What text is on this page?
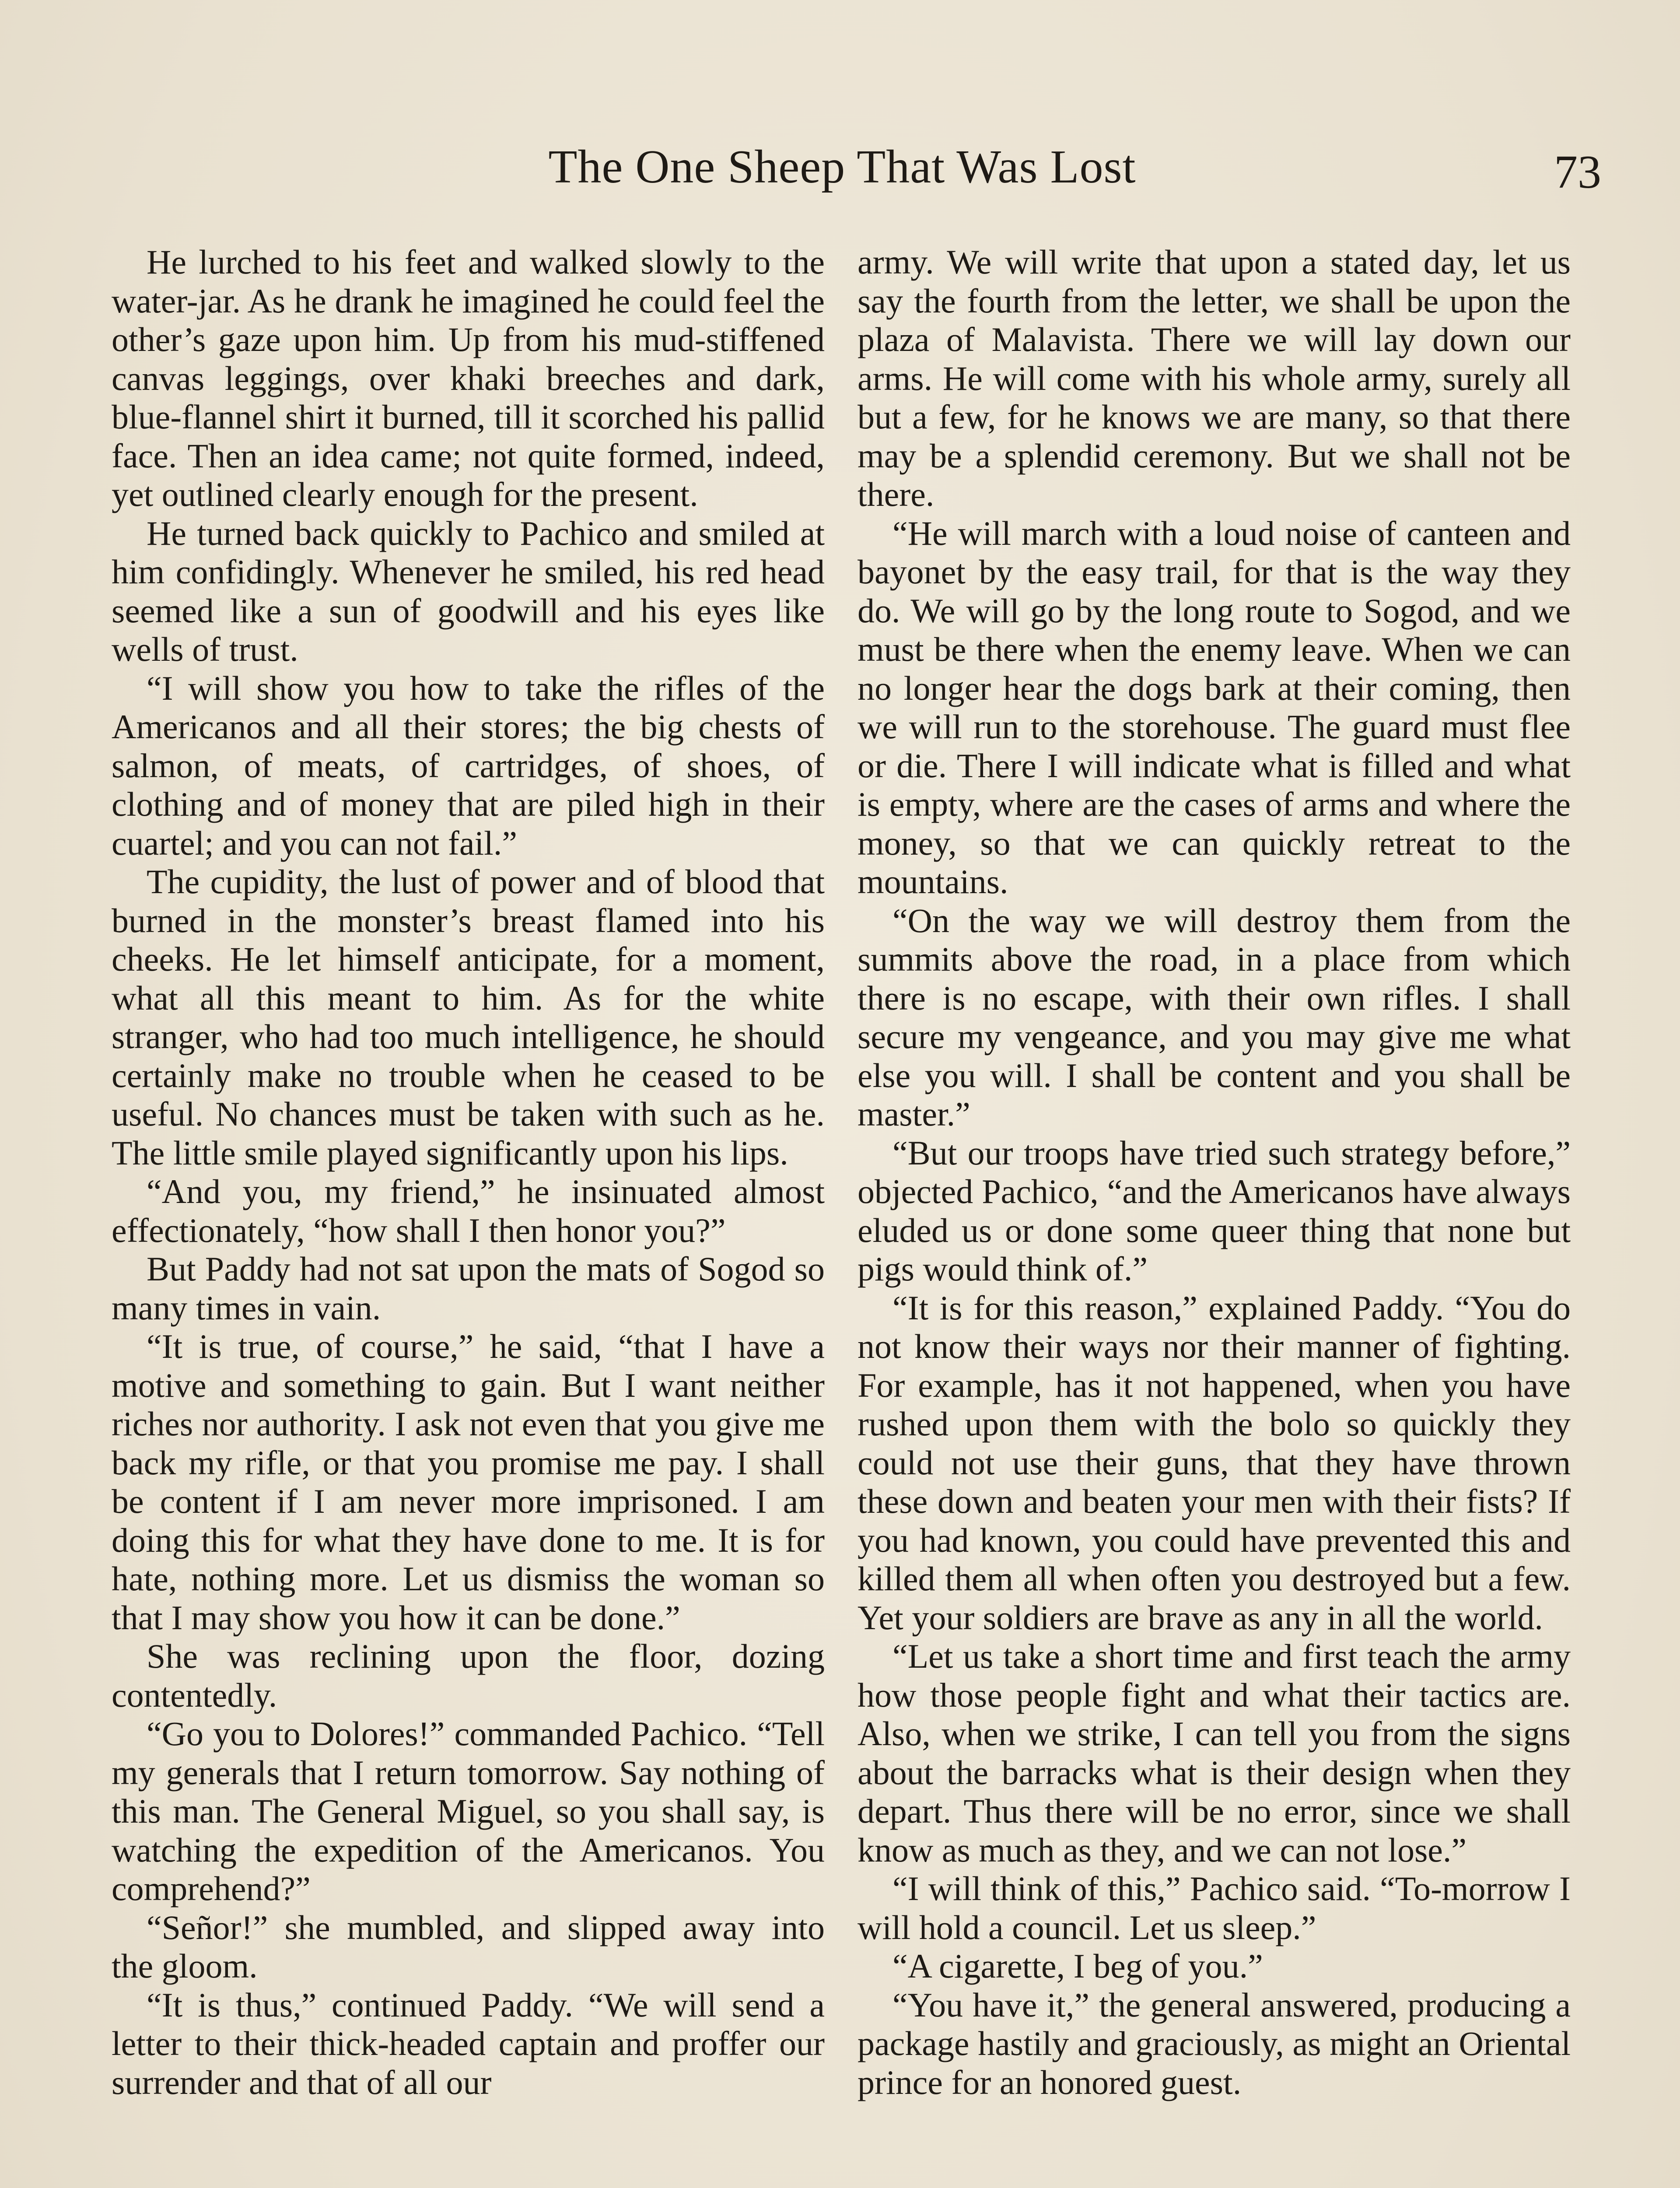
The One Sheep That Was Lost	73

He lurched to his feet and walked slowly to the water-jar. As he drank he imagined he could feel the other’s gaze upon him. Up from his mud-stiffened canvas leggings, over khaki breeches and dark, blue-flannel shirt it burned, till it scorched his pallid face. Then an idea came; not quite formed, indeed, yet outlined clearly enough for the present.

He turned back quickly to Pachico and smiled at him confidingly. Whenever he smiled, his red head seemed like a sun of goodwill and his eyes like wells of trust.

“I will show you how to take the rifles of the Americanos and all their stores; the big chests of salmon, of meats, of cartridges, of shoes, of clothing and of money that are piled high in their cuartel; and you can not fail.”

The cupidity, the lust of power and of blood that burned in the monster’s breast flamed into his cheeks. He let himself anticipate, for a moment, what all this meant to him. As for the white stranger, who had too much intelligence, he should certainly make no trouble when he ceased to be useful. No chances must be taken with such as he. The little smile played significantly upon his lips.

“And you, my friend,” he insinuated almost effectionately, “how shall I then honor you?”

But Paddy had not sat upon the mats of Sogod so many times in vain.

“It is true, of course,” he said, “that I have a motive and something to gain. But I want neither riches nor authority. I ask not even that you give me back my rifle, or that you promise me pay. I shall be content if I am never more imprisoned. I am doing this for what they have done to me. It is for hate, nothing more. Let us dismiss the woman so that I may show you how it can be done.”

She was reclining upon the floor, dozing contentedly.

“Go you to Dolores!” commanded Pachico. “Tell my generals that I return tomorrow. Say nothing of this man. The General Miguel, so you shall say, is watching the expedition of the Americanos. You comprehend?”

“Señor!” she mumbled, and slipped away into the gloom.

“It is thus,” continued Paddy. “We will send a letter to their thick-headed captain and proffer our surrender and that of all our

army. We will write that upon a stated day, let us say the fourth from the letter, we shall be upon the plaza of Malavista. There we will lay down our arms. He will come with his whole army, surely all but a few, for he knows we are many, so that there may be a splendid ceremony. But we shall not be there.

“He will march with a loud noise of canteen and bayonet by the easy trail, for that is the way they do. We will go by the long route to Sogod, and we must be there when the enemy leave. When we can no longer hear the dogs bark at their coming, then we will run to the storehouse. The guard must flee or die. There I will indicate what is filled and what is empty, where are the cases of arms and where the money, so that we can quickly retreat to the mountains.

“On the way we will destroy them from the summits above the road, in a place from which there is no escape, with their own rifles. I shall secure my vengeance, and you may give me what else you will. I shall be content and you shall be master.”

“But our troops have tried such strategy before,” objected Pachico, “and the Americanos have always eluded us or done some queer thing that none but pigs would think of.”

“It is for this reason,” explained Paddy. “You do not know their ways nor their manner of fighting. For example, has it not happened, when you have rushed upon them with the bolo so quickly they could not use their guns, that they have thrown these down and beaten your men with their fists? If you had known, you could have prevented this and killed them all when often you destroyed but a few. Yet your soldiers are brave as any in all the world.

“Let us take a short time and first teach the army how those people fight and what their tactics are. Also, when we strike, I can tell you from the signs about the barracks what is their design when they depart. Thus there will be no error, since we shall know as much as they, and we can not lose.”

“I will think of this,” Pachico said. “To-morrow I will hold a council. Let us sleep.”

“A cigarette, I beg of you.”

“You have it,” the general answered, producing a package hastily and graciously, as might an Oriental prince for an honored guest.
